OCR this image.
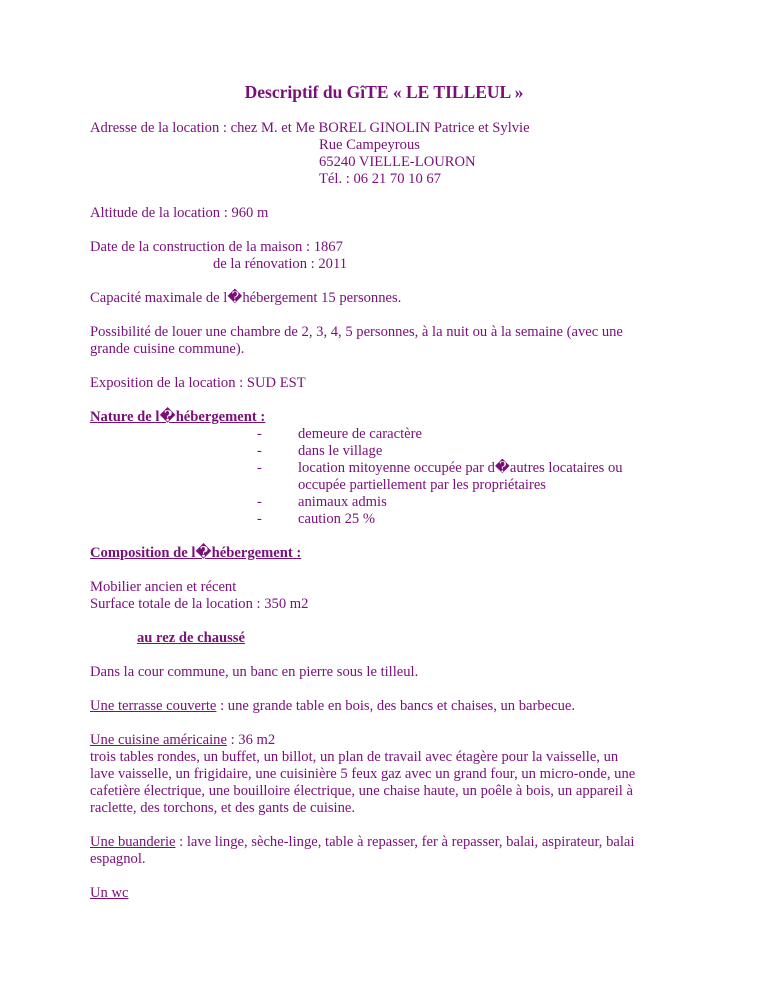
Descriptif du GîTE « LE TILLEUL »
Adresse de la location : chez M. et Me BOREL GINOLIN Patrice et Sylvie
Rue Campeyrous
65240 VIELLE-LOURON
Tél. : 06 21 70 10 67
Altitude de la location : 960 m
Date de la construction de la maison : 1867
de la rénovation : 2011
Capacité maximale de l�hébergement 15 personnes.
Possibilité de louer une chambre de 2, 3, 4, 5 personnes, à la nuit ou à la semaine (avec une
grande cuisine commune).
Exposition de la location : SUD EST
Nature de l�hébergement :
- demeure de caractère
- dans le village
- location mitoyenne occupée par d�autres locataires ou
occupée partiellement par les propriétaires
- animaux admis
- caution 25 %
Composition de l�hébergement :
Mobilier ancien et récent
Surface totale de la location : 350 m2
au rez de chaussé
Dans la cour commune, un banc en pierre sous le tilleul.
Une terrasse couverte : une grande table en bois, des bancs et chaises, un barbecue.
Une cuisine américaine : 36 m2
trois tables rondes, un buffet, un billot, un plan de travail avec étagère pour la vaisselle, un
lave vaisselle, un frigidaire, une cuisinière 5 feux gaz avec un grand four, un micro-onde, une
cafetière électrique, une bouilloire électrique, une chaise haute, un poêle à bois, un appareil à
raclette, des torchons, et des gants de cuisine.
Une buanderie : lave linge, sèche-linge, table à repasser, fer à repasser, balai, aspirateur, balai
espagnol.
Un wc
